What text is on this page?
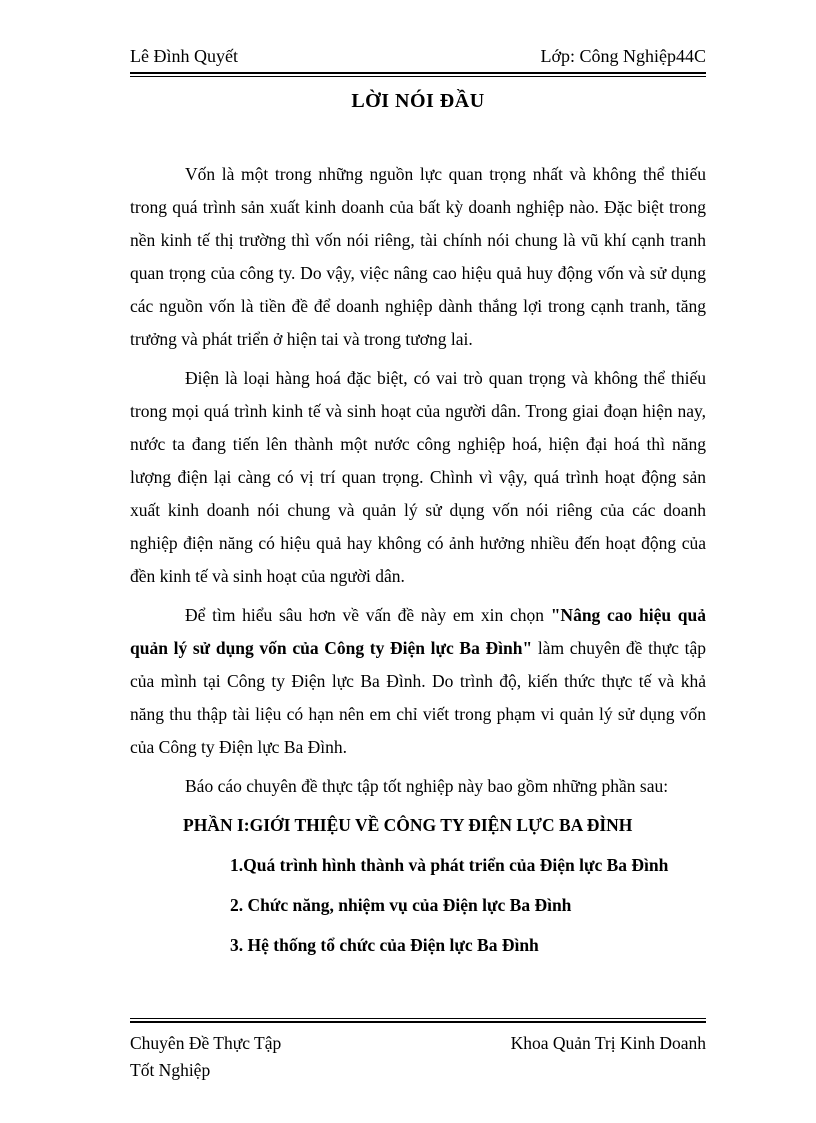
Lê Đình Quyết	Lớp: Công Nghiệp44C
LỜI NÓI ĐẦU

Vốn là một trong những nguồn lực quan trọng nhất và không thể thiếu trong quá trình sản xuất kinh doanh của bất kỳ doanh nghiệp nào. Đặc biệt trong nền kinh tế thị trường thì vốn nói riêng, tài chính nói chung là vũ khí cạnh tranh quan trọng của công ty. Do vậy, việc nâng cao hiệu quả huy động vốn và sử dụng các nguồn vốn là tiền đề để doanh nghiệp dành thắng lợi trong cạnh tranh, tăng trưởng và phát triển ở hiện tai và trong tương lai.

Điện là loại hàng hoá đặc biệt, có vai trò quan trọng và không thể thiếu trong mọi quá trình kinh tế và sinh hoạt của người dân. Trong giai đoạn hiện nay, nước ta đang tiến lên thành một nước công nghiệp hoá, hiện đại hoá thì năng lượng điện lại càng có vị trí quan trọng. Chình vì vậy, quá trình hoạt động sản xuất kinh doanh nói chung và quản lý sử dụng vốn nói riêng của các doanh nghiệp điện năng có hiệu quả hay không có ảnh hưởng nhiều đến hoạt động của đền kinh tế và sinh hoạt của người dân.

Để tìm hiểu sâu hơn về vấn đề này em xin chọn "Nâng cao hiệu quả quản lý sử dụng vốn của Công ty Điện lực Ba Đình" làm chuyên đề thực tập của mình tại Công ty Điện lực Ba Đình. Do trình độ, kiến thức thực tế và khả năng thu thập tài liệu có hạn nên em chỉ viết trong phạm vi quản lý sử dụng vốn của Công ty Điện lực Ba Đình.

Báo cáo chuyên đề thực tập tốt nghiệp này bao gồm những phần sau:

PHẦN I:GIỚI THIỆU VỀ CÔNG TY ĐIỆN LỰC BA ĐÌNH
1.Quá trình hình thành và phát triển của Điện lực Ba Đình
2. Chức năng, nhiệm vụ của Điện lực Ba Đình
3. Hệ thống tổ chức của Điện lực Ba Đình
Chuyên Đề Thực Tập
Tốt Nghiệp
Khoa Quản Trị Kinh Doanh
